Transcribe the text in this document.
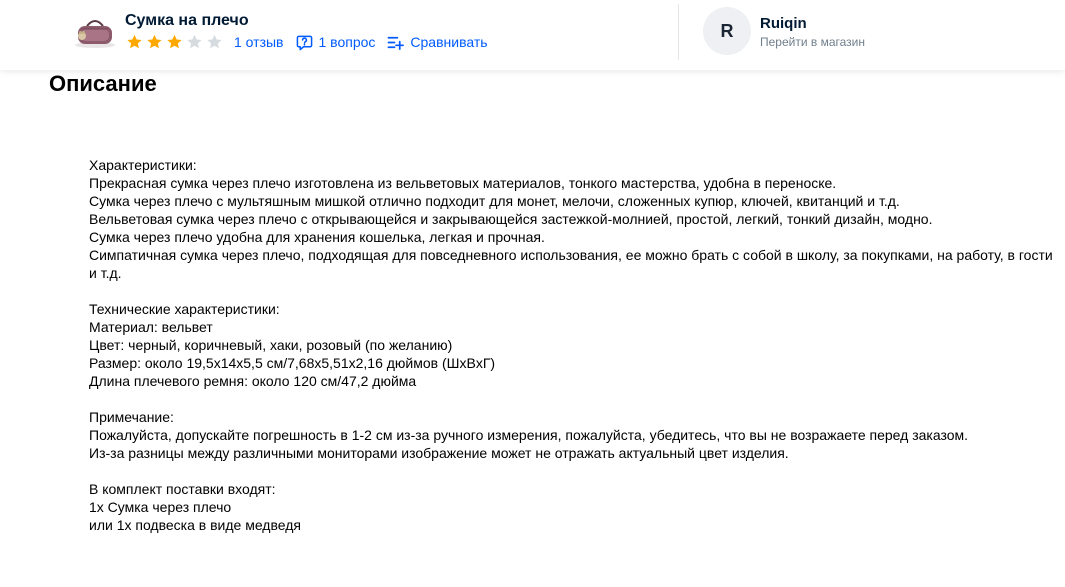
Сумка на плечо
1 отзыв	1 вопрос	Сравнивать
R	Ruiqin
Перейти в магазин
Описание

Характеристики:

Прекрасная сумка через плечо изготовлена из вельветовых материалов, тонкого мастерства, удобна в переноске.

Сумка через плечо с мультяшным мишкой отлично подходит для монет, мелочи, сложенных купюр, ключей, квитанций и т.д.

Вельветовая сумка через плечо с открывающейся и закрывающейся застежкой-молнией, простой, легкий, тонкий дизайн, модно.

Сумка через плечо удобна для хранения кошелька, легкая и прочная.

Симпатичная сумка через плечо, подходящая для повседневного использования, ее можно брать с собой в школу, за покупками, на работу, в гости и т.д.

Технические характеристики:

Материал: вельвет

Цвет: черный, коричневый, хаки, розовый (по желанию)

Размер: около 19,5x14x5,5 см/7,68x5,51x2,16 дюймов (ШxВxГ)

Длина плечевого ремня: около 120 см/47,2 дюйма

Примечание:

Пожалуйста, допускайте погрешность в 1-2 см из-за ручного измерения, пожалуйста, убедитесь, что вы не возражаете перед заказом.

Из-за разницы между различными мониторами изображение может не отражать актуальный цвет изделия.

В комплект поставки входят:

1x Сумка через плечо

или 1x подвеска в виде медведя
